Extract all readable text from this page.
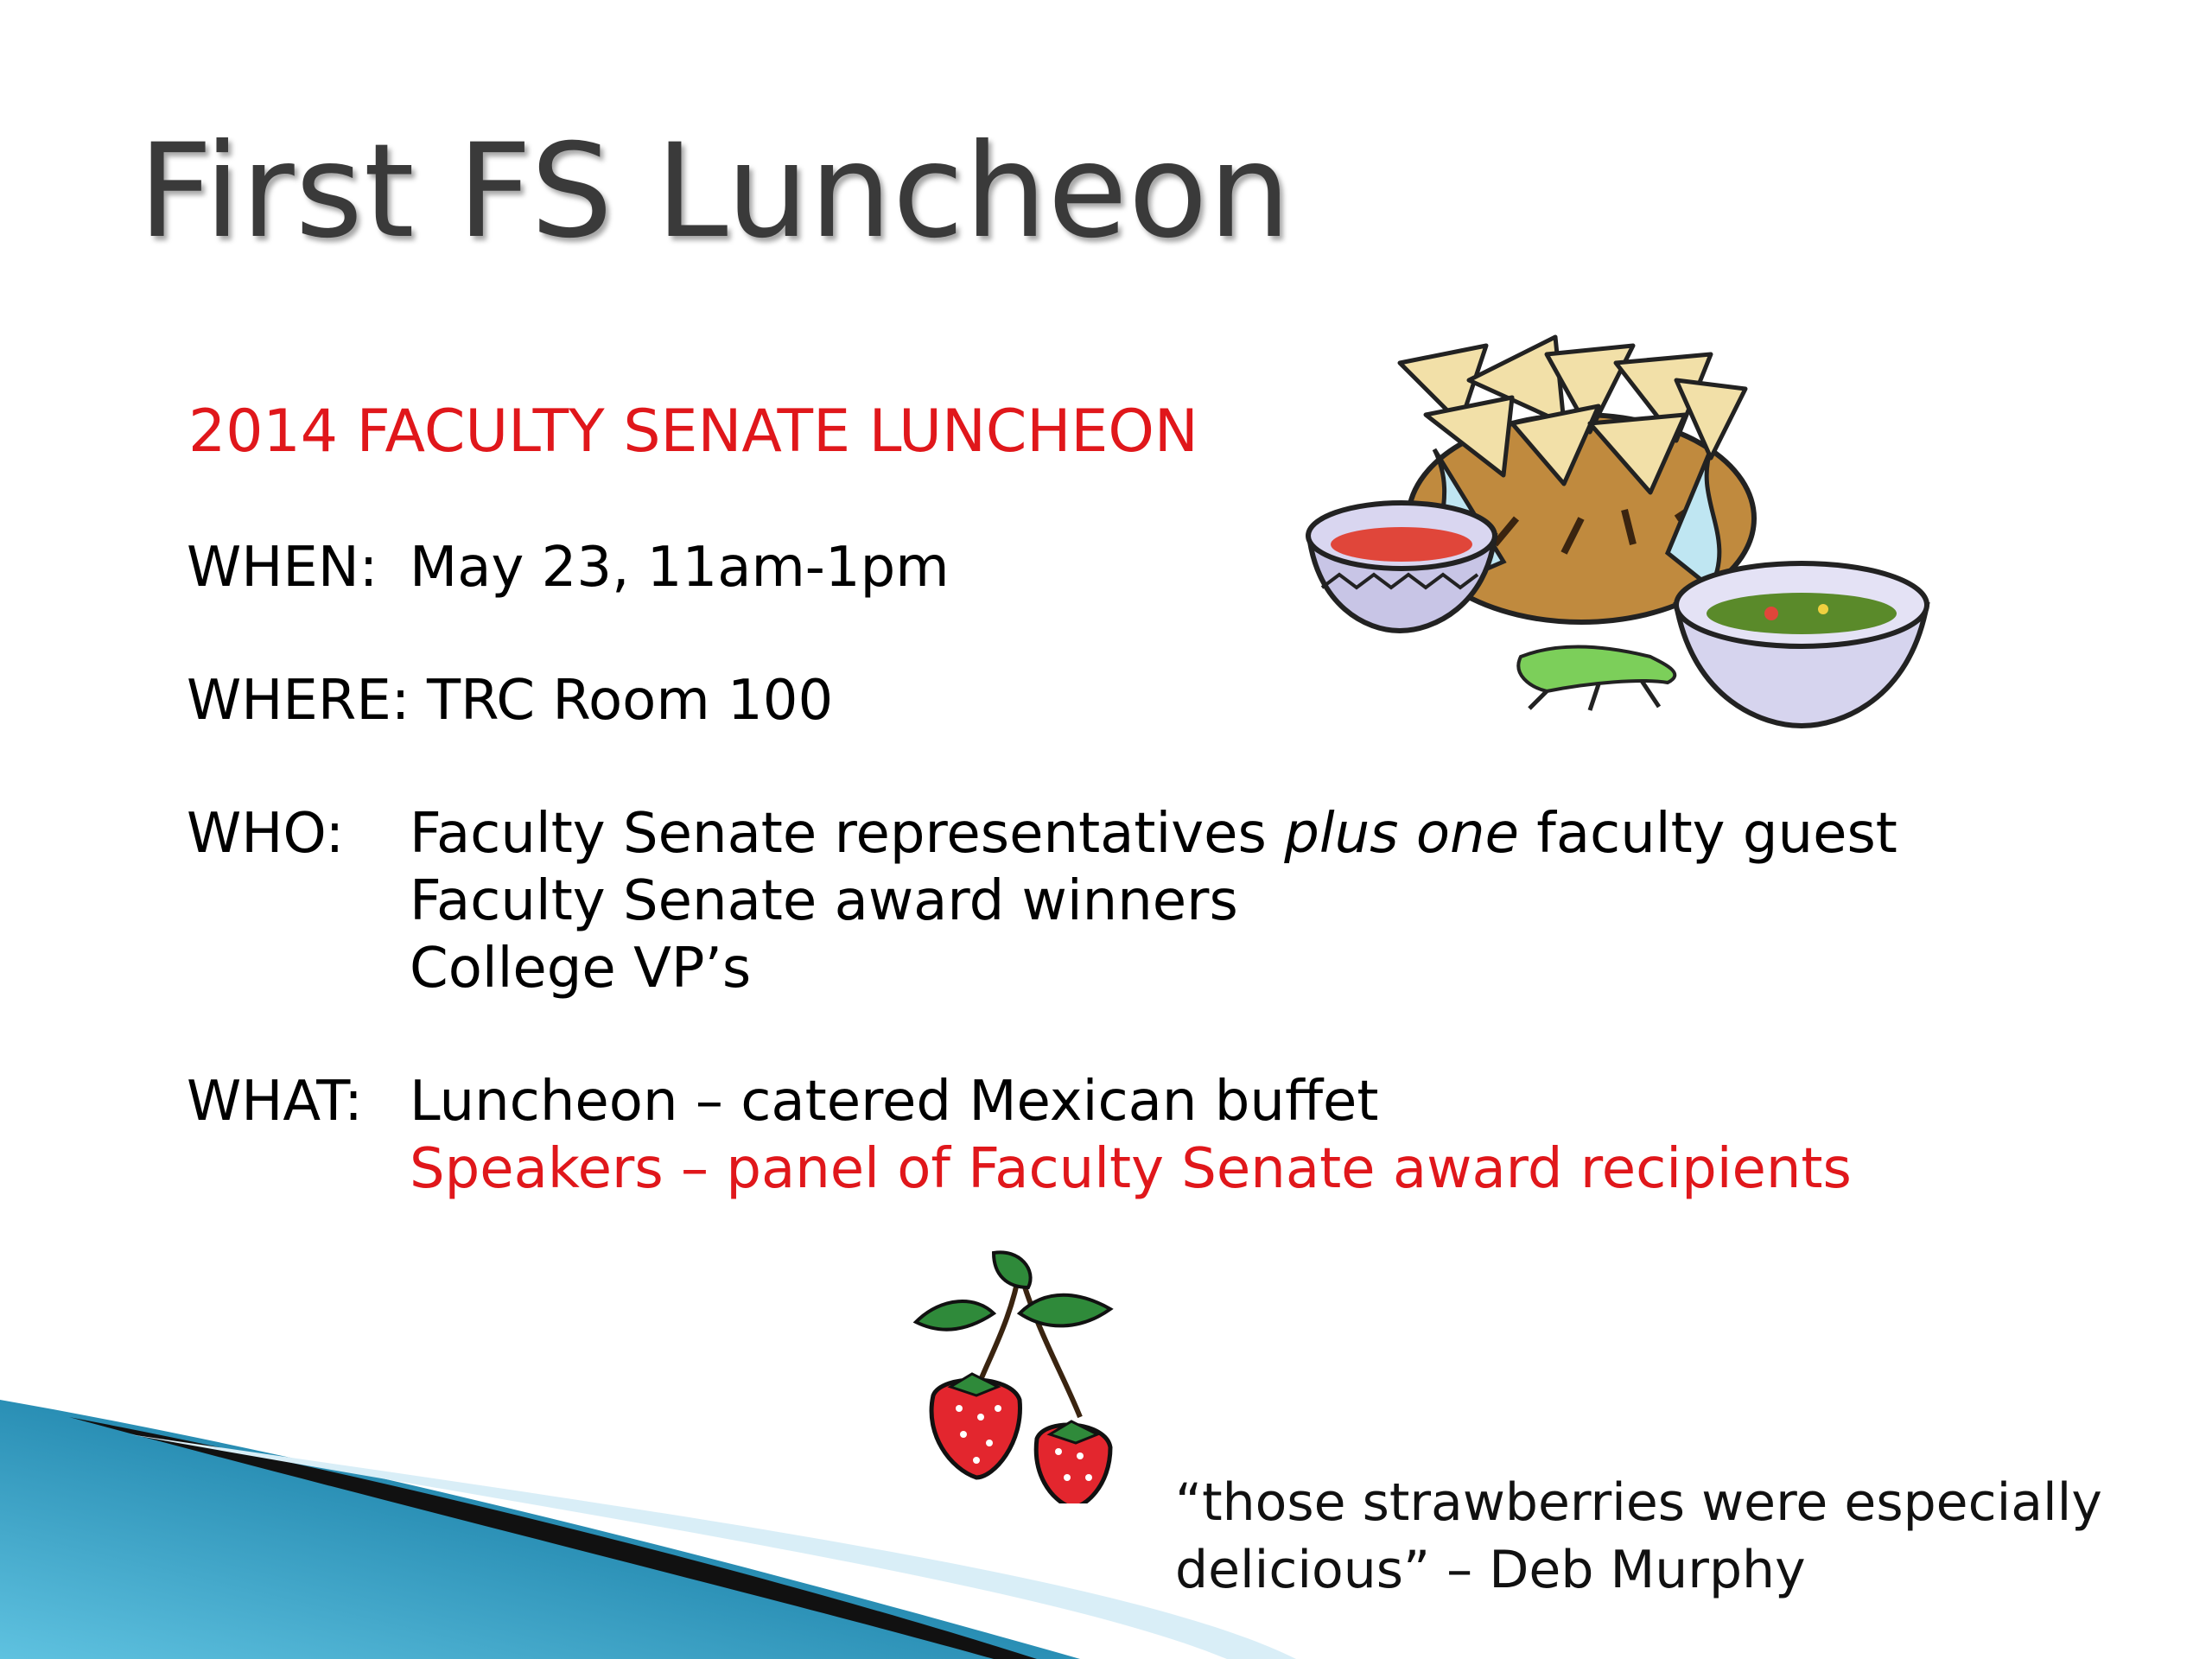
First FS Luncheon
2014 FACULTY SENATE LUNCHEON
WHEN: May 23, 11am-1pm
WHERE: TRC Room 100
WHO: Faculty Senate representatives plus one faculty guest
Faculty Senate award winners
College VP’s
WHAT: Luncheon – catered Mexican buffet
Speakers – panel of Faculty Senate award recipients
“those strawberries were especially
delicious” – Deb Murphy
